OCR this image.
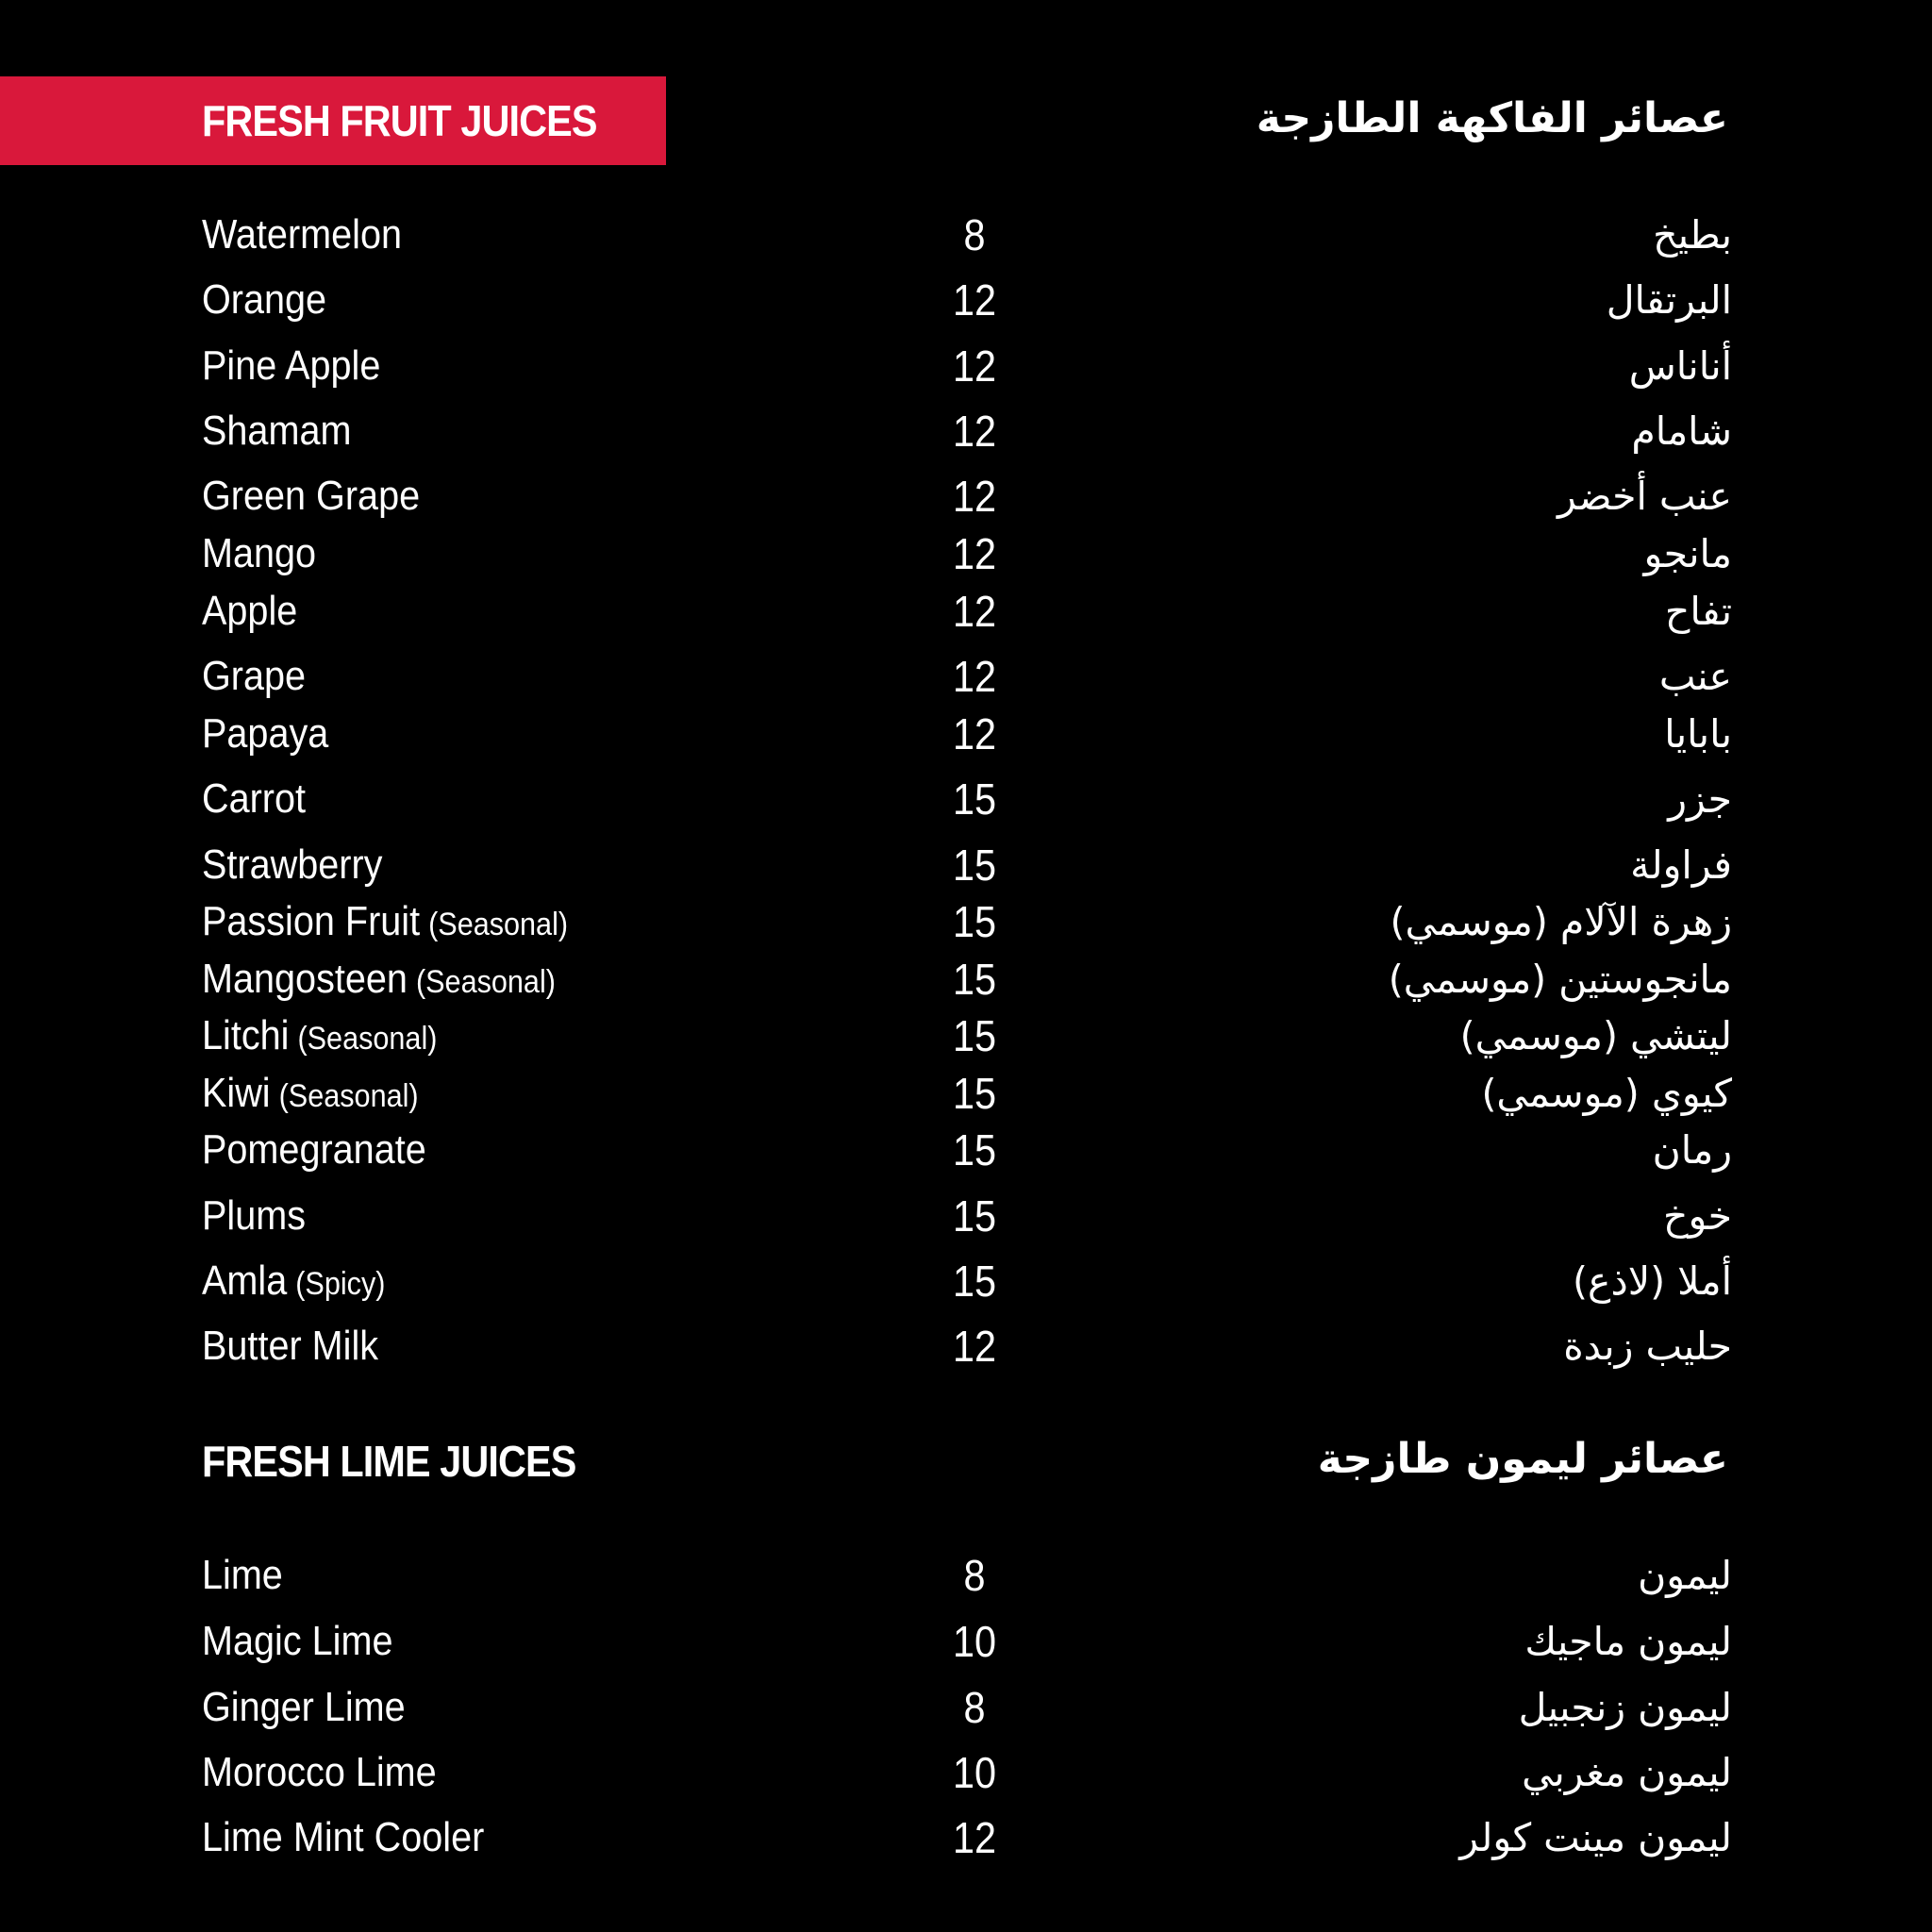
FRESH FRUIT JUICES	عصائر الفاكهة الطازجة
Watermelon	8	بطيخ
Orange	12	البرتقال
Pine Apple	12	أناناس
Shamam	12	شامام
Green Grape	12	عنب أخضر
Mango	12	مانجو
Apple	12	تفاح
Grape	12	عنب
Papaya	12	بابايا
Carrot	15	جزر
Strawberry	15	فراولة
Passion Fruit (Seasonal)	15	زهرة الآلام (موسمي)
Mangosteen (Seasonal)	15	مانجوستين (موسمي)
Litchi (Seasonal)	15	ليتشي (موسمي)
Kiwi (Seasonal)	15	كيوي (موسمي)
Pomegranate	15	رمان
Plums	15	خوخ
Amla (Spicy)	15	أملا (لاذع)
Butter Milk	12	حليب زبدة
FRESH LIME JUICES	عصائر ليمون طازجة
Lime	8	ليمون
Magic Lime	10	ليمون ماجيك
Ginger Lime	8	ليمون زنجبيل
Morocco Lime	10	ليمون مغربي
Lime Mint Cooler	12	ليمون مينت كولر
